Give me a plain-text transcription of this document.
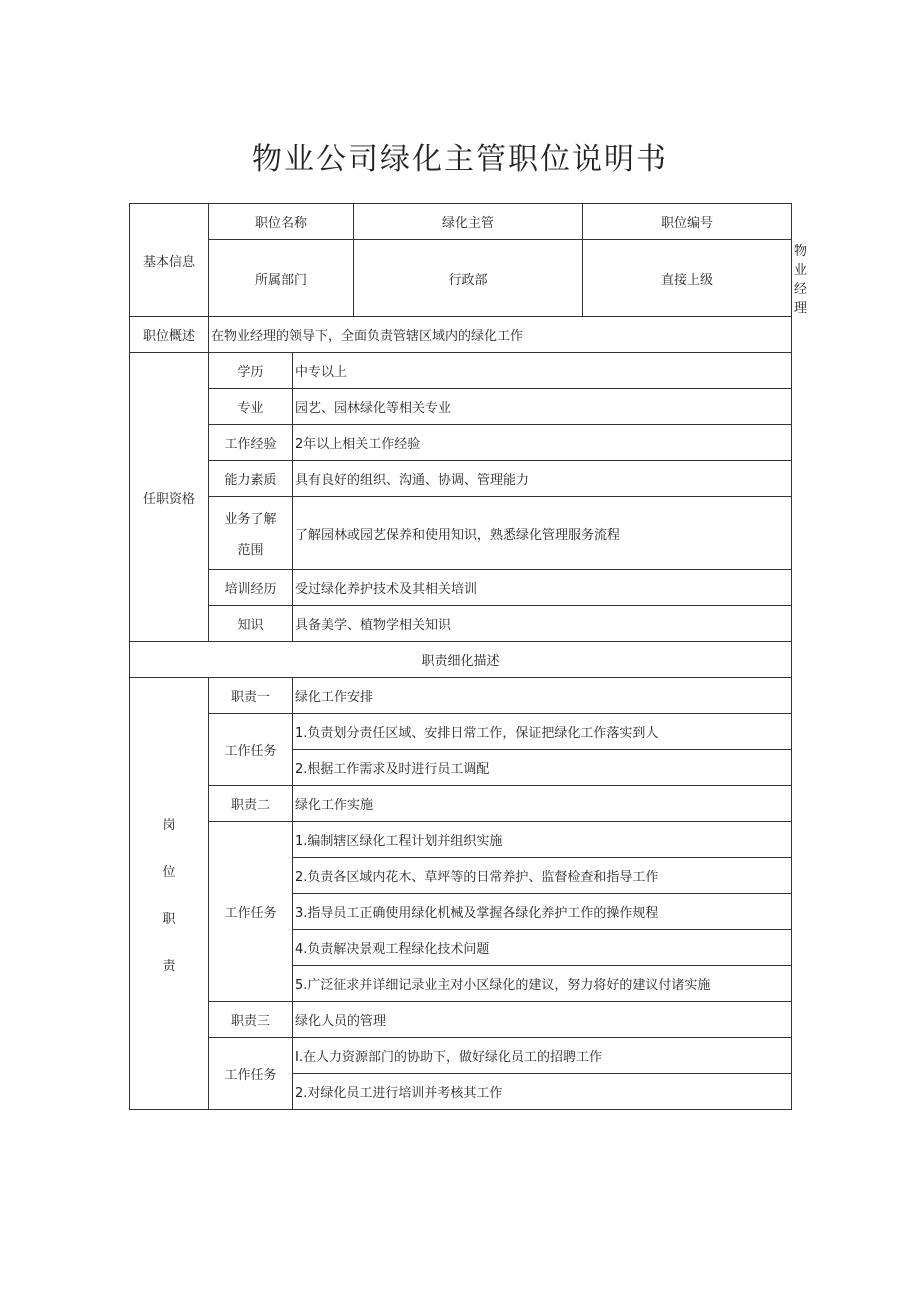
物业公司绿化主管职位说明书
基本信息	职位名称		绿化主管	职位编号	
	所属部门		行政部	直接上级	物业经理
职位概述	在物业经理的领导下，全面负责管辖区域内的绿化工作				
任职资格	学历	中专以上			
	专业	园艺、园林绿化等相关专业			
	工作经验	2年以上相关工作经验			
	能力素质	具有良好的组织、沟通、协调、管理能力			

	业务了解
范围	了解园林或园艺保养和使用知识，熟悉绿化管理服务流程			
	培训经历	受过绿化养护技术及其相关培训			
	知识	具备美学、植物学相关知识			
职责细化描述					

岗
位
职
责	职责一	绿化工作安排			
	工作任务	1.负责划分责任区域、安排日常工作，保证把绿化工作落实到人			
		2.根据工作需求及时进行员工调配			
	职责二	绿化工作实施			
	工作任务	1.编制辖区绿化工程计划并组织实施			
		2.负责各区域内花木、草坪等的日常养护、监督检查和指导工作			
		3.指导员工正确使用绿化机械及掌握各绿化养护工作的操作规程			
		4.负责解决景观工程绿化技术问题			
		5.广泛征求并详细记录业主对小区绿化的建议，努力将好的建议付诸实施			
	职责三	绿化人员的管理			
	工作任务	I.在人力资源部门的协助下，做好绿化员工的招聘工作			
		2.对绿化员工进行培训并考核其工作			
